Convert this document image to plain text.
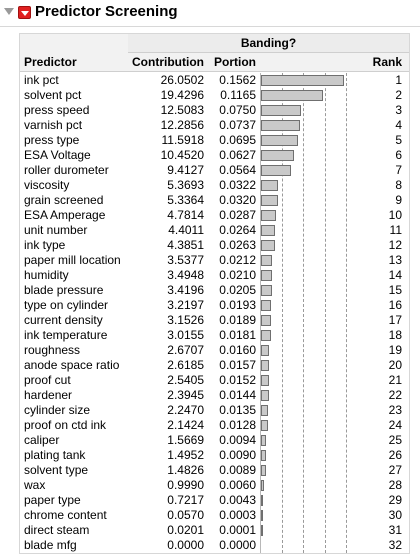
Predictor Screening
Banding?
Predictor	Contribution Portion	Rank
ink pct	26.0502	0.1562	1
solvent pct	19.4296	0.1165	2
press speed	12.5083	0.0750	3
varnish pct	12.2856	0.0737	4
press type	11.5918	0.0695	5
ESA Voltage	10.4520	0.0627	6
roller durometer	9.4127	0.0564	7
viscosity	5.3693	0.0322	8
grain screened	5.3364	0.0320	9
ESA Amperage	4.7814	0.0287	10
unit number	4.4011	0.0264	11
ink type	4.3851	0.0263	12
paper mill location	3.5377	0.0212	13
humidity	3.4948	0.0210	14
blade pressure	3.4196	0.0205	15
type on cylinder	3.2197	0.0193	16
current density	3.1526	0.0189	17
ink temperature	3.0155	0.0181	18
roughness	2.6707	0.0160	19
anode space ratio	2.6185	0.0157	20
proof cut	2.5405	0.0152	21
hardener	2.3945	0.0144	22
cylinder size	2.2470	0.0135	23
proof on ctd ink	2.1424	0.0128	24
caliper	1.5669	0.0094	25
plating tank	1.4952	0.0090	26
solvent type	1.4826	0.0089	27
wax	0.9990	0.0060	28
paper type	0.7217	0.0043	29
chrome content	0.0570	0.0003	30
direct steam	0.0201	0.0001	31
blade mfg	0.0000	0.0000	32
